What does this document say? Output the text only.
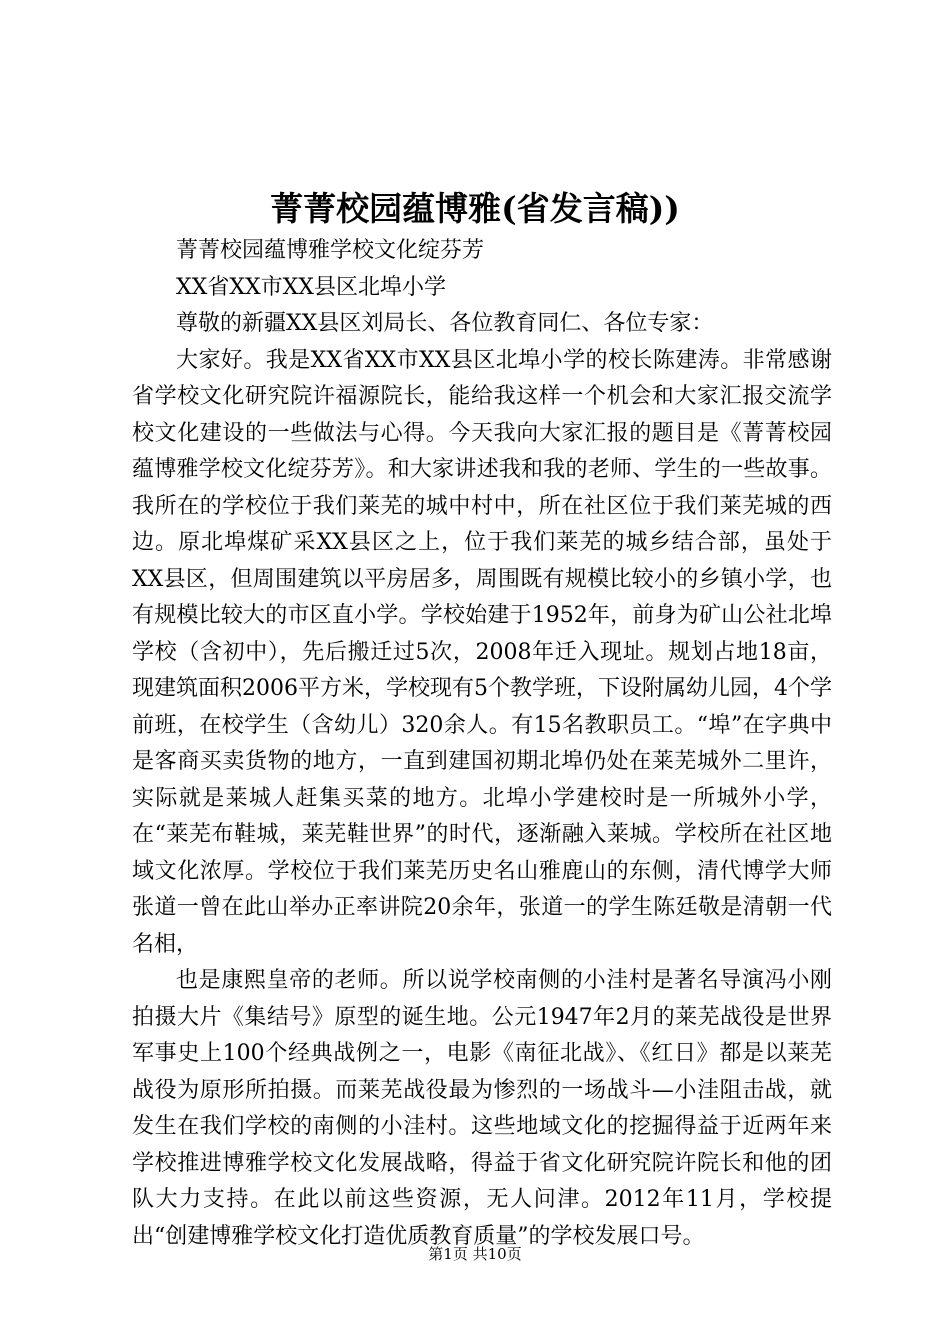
菁菁校园蕴博雅(省发言稿))

菁菁校园蕴博雅学校文化绽芬芳

XX省XX市XX县区北埠小学

尊敬的新疆XX县区刘局长、各位教育同仁、各位专家：

大家好。我是XX省XX市XX县区北埠小学的校长陈建涛。非常感谢省学校文化研究院许福源院长，能给我这样一个机会和大家汇报交流学校文化建设的一些做法与心得。今天我向大家汇报的题目是《菁菁校园蕴博雅学校文化绽芬芳》。和大家讲述我和我的老师、学生的一些故事。我所在的学校位于我们莱芜的城中村中，所在社区位于我们莱芜城的西边。原北埠煤矿采XX县区之上，位于我们莱芜的城乡结合部，虽处于XX县区，但周围建筑以平房居多，周围既有规模比较小的乡镇小学，也有规模比较大的市区直小学。学校始建于1952年，前身为矿山公社北埠学校（含初中），先后搬迁过5次，2008年迁入现址。规划占地18亩，现建筑面积2006平方米，学校现有5个教学班，下设附属幼儿园，4个学前班，在校学生（含幼儿）320余人。有15名教职员工。“埠”在字典中是客商买卖货物的地方，一直到建国初期北埠仍处在莱芜城外二里许，实际就是莱城人赶集买菜的地方。北埠小学建校时是一所城外小学，在“莱芜布鞋城，莱芜鞋世界”的时代，逐渐融入莱城。学校所在社区地域文化浓厚。学校位于我们莱芜历史名山雅鹿山的东侧，清代博学大师张道一曾在此山举办正率讲院20余年，张道一的学生陈廷敬是清朝一代名相，

也是康熙皇帝的老师。所以说学校南侧的小洼村是著名导演冯小刚拍摄大片《集结号》原型的诞生地。公元1947年2月的莱芜战役是世界军事史上100个经典战例之一，电影《南征北战》、《红日》都是以莱芜战役为原形所拍摄。而莱芜战役最为惨烈的一场战斗—小洼阻击战，就发生在我们学校的南侧的小洼村。这些地域文化的挖掘得益于近两年来学校推进博雅学校文化发展战略，得益于省文化研究院许院长和他的团队大力支持。在此以前这些资源，无人问津。2012年11月，学校提出“创建博雅学校文化打造优质教育质量”的学校发展口号。

第1页 共10页
